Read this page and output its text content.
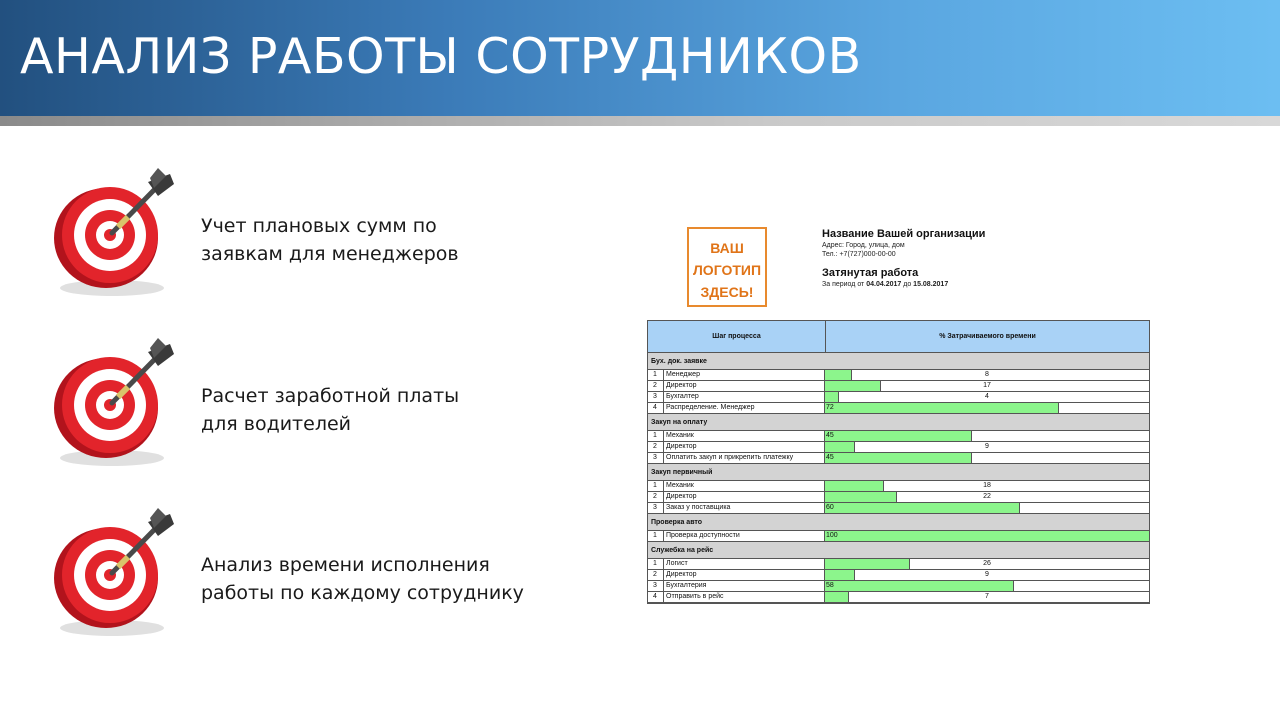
АНАЛИЗ РАБОТЫ СОТРУДНИКОВ
Учет плановых сумм по
заявкам для менеджеров
Расчет заработной платы
для водителей
Анализ времени исполнения
работы по каждому сотруднику
ВАШ
ЛОГОТИП
ЗДЕСЬ!
Название Вашей организации
Адрес: Город, улица, дом
Тел.: +7(727)000-00-00
Затянутая работа
За период от 04.04.2017 до 15.08.2017
Шаг процесса	% Затрачиваемого времени
Бух. док. заявке
1	Менеджер	8
2	Директор	17
3	Бухгалтер	4
4	Распределение. Менеджер	72
Закуп на оплату
1	Механик	45
2	Директор	9
3	Оплатить закуп и прикрепить платежку	45
Закуп первичный
1	Механик	18
2	Директор	22
3	Заказ у поставщика	60
Проверка авто
1	Проверка доступности	100
Служебка на рейс
1	Логист	26
2	Директор	9
3	Бухгалтерия	58
4	Отправить в рейс	7
